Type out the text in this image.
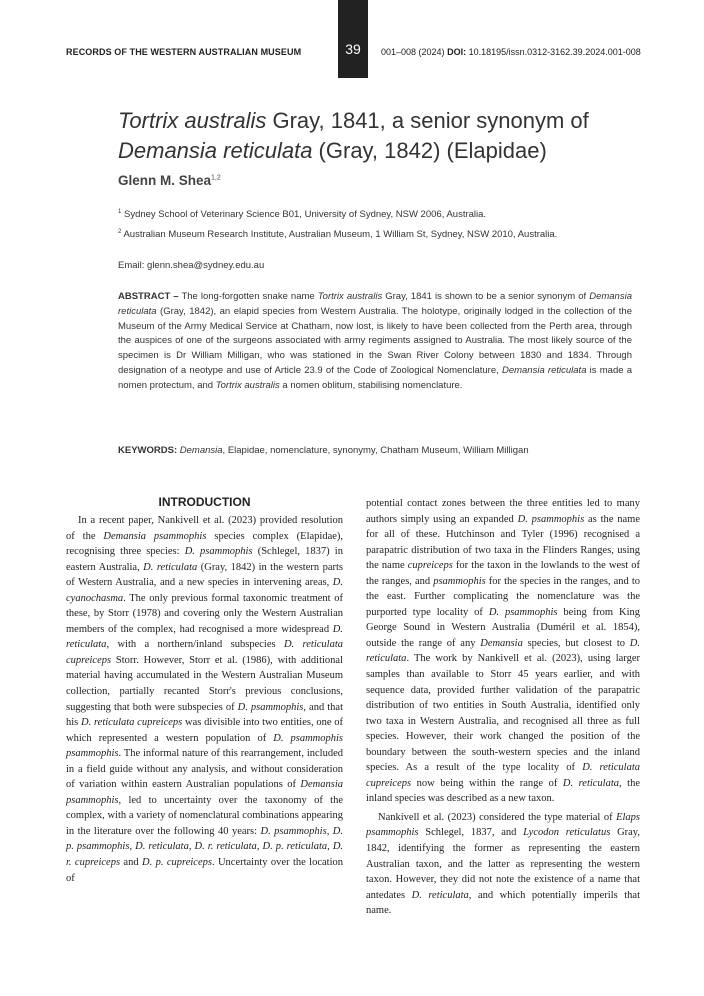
39
RECORDS OF THE WESTERN AUSTRALIAN MUSEUM	001–008 (2024) DOI: 10.18195/issn.0312-3162.39.2024.001-008
Tortrix australis Gray, 1841, a senior synonym of
Demansia reticulata (Gray, 1842) (Elapidae)
Glenn M. Shea$^{1,2}$
$^1$ Sydney School of Veterinary Science B01, University of Sydney, NSW 2006, Australia.
$^2$ Australian Museum Research Institute, Australian Museum, 1 William St, Sydney, NSW 2010, Australia.
Email: glenn.shea@sydney.edu.au
ABSTRACT – The long-forgotten snake name Tortrix australis Gray, 1841 is shown to be a senior synonym of Demansia reticulata (Gray, 1842), an elapid species from Western Australia. The holotype, originally lodged in the collection of the Museum of the Army Medical Service at Chatham, now lost, is likely to have been collected from the Perth area, through the auspices of one of the surgeons associated with army regiments assigned to Australia. The most likely source of the specimen is Dr William Milligan, who was stationed in the Swan River Colony between 1830 and 1834. Through designation of a neotype and use of Article 23.9 of the Code of Zoological Nomenclature, Demansia reticulata is made a nomen protectum, and Tortrix australis a nomen oblitum, stabilising nomenclature.
KEYWORDS: Demansia, Elapidae, nomenclature, synonymy, Chatham Museum, William Milligan
INTRODUCTION

In a recent paper, Nankivell et al. (2023) provided resolution of the Demansia psammophis species complex (Elapidae), recognising three species: D. psammophis (Schlegel, 1837) in eastern Australia, D. reticulata (Gray, 1842) in the western parts of Western Australia, and a new species in intervening areas, D. cyanochasma. The only previous formal taxonomic treatment of these, by Storr (1978) and covering only the Western Australian members of the complex, had recognised a more widespread D. reticulata, with a northern/inland subspecies D. reticulata cupreiceps Storr. However, Storr et al. (1986), with additional material having accumulated in the Western Australian Museum collection, partially recanted Storr's previous conclusions, suggesting that both were subspecies of D. psammophis, and that his D. reticulata cupreiceps was divisible into two entities, one of which represented a western population of D. psammophis psammophis. The informal nature of this rearrangement, included in a field guide without any analysis, and without consideration of variation within eastern Australian populations of Demansia psammophis, led to uncertainty over the taxonomy of the complex, with a variety of nomenclatural combinations appearing in the literature over the following 40 years: D. psammophis, D. p. psammophis, D. reticulata, D. r. reticulata, D. p. reticulata, D. r. cupreiceps and D. p. cupreiceps. Uncertainty over the location of

potential contact zones between the three entities led to many authors simply using an expanded D. psammophis as the name for all of these. Hutchinson and Tyler (1996) recognised a parapatric distribution of two taxa in the Flinders Ranges, using the name cupreiceps for the taxon in the lowlands to the west of the ranges, and psammophis for the species in the ranges, and to the east. Further complicating the nomenclature was the purported type locality of D. psammophis being from King George Sound in Western Australia (Duméril et al. 1854), outside the range of any Demansia species, but closest to D. reticulata. The work by Nankivell et al. (2023), using larger samples than available to Storr 45 years earlier, and with sequence data, provided further validation of the parapatric distribution of two entities in South Australia, identified only two taxa in Western Australia, and recognised all three as full species. However, their work changed the position of the boundary between the south-western species and the inland species. As a result of the type locality of D. reticulata cupreiceps now being within the range of D. reticulata, the inland species was described as a new taxon.

Nankivell et al. (2023) considered the type material of Elaps psammophis Schlegel, 1837, and Lycodon reticulatus Gray, 1842, identifying the former as representing the eastern Australian taxon, and the latter as representing the western taxon. However, they did not note the existence of a name that antedates D. reticulata, and which potentially imperils that name.
